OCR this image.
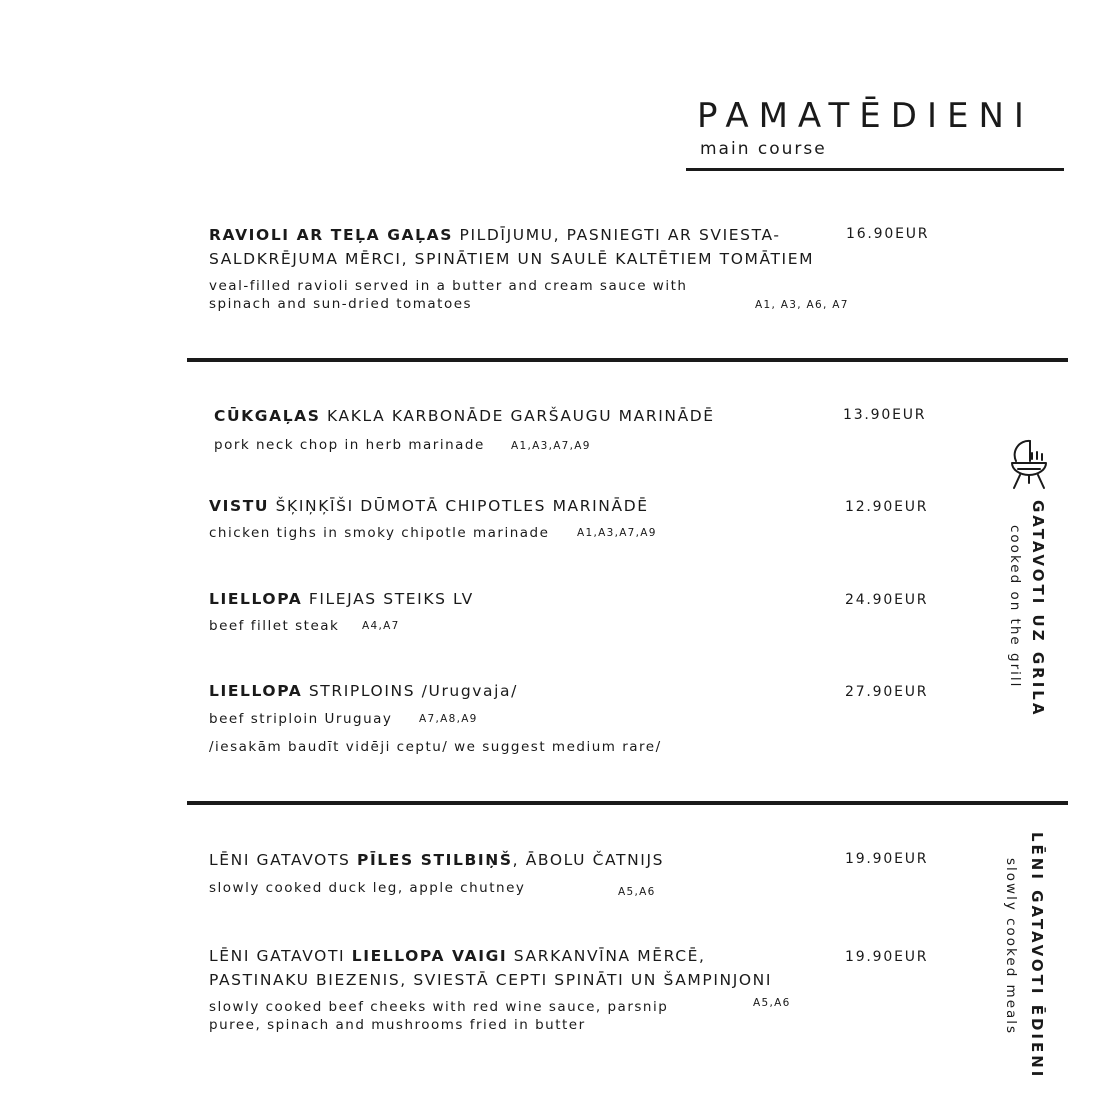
PAMATĒDIENI
main course
RAVIOLI AR TEĻA GAĻAS PILDĪJUMU, PASNIEGTI AR SVIESTA-
SALDKRĒJUMA MĒRCI, SPINĀTIEM UN SAULĒ KALTĒTIEM TOMĀTIEM
veal-filled ravioli served in a butter and cream sauce with
spinach and sun-dried tomatoes	A1, A3, A6, A7
16.90EUR
CŪKGAĻAS KAKLA KARBONĀDE GARŠAUGU MARINĀDĒ
pork neck chop in herb marinade A1,A3,A7,A9
13.90EUR
VISTU ŠĶIŅĶĪŠI DŪMOTĀ CHIPOTLES MARINĀDĒ
chicken tighs in smoky chipotle marinade	A1,A3,A7,A9
12.90EUR
LIELLOPA FILEJAS STEIKS LV
beef fillet steak A4,A7
24.90EUR
LIELLOPA STRIPLOINS /Urugvaja/
beef striploin Uruguay	A7,A8,A9
/iesakām baudīt vidēji ceptu/ we suggest medium rare/
27.90EUR	GATAVOTI UZ GRILA
cooked on the grill
LĒNI GATAVOTS PĪLES STILBIŅŠ, ĀBOLU ČATNIJS
slowly cooked duck leg, apple chutney	A5,A6
19.90EUR
LĒNI GATAVOTI LIELLOPA VAIGI SARKANVĪNA MĒRCĒ,
PASTINAKU BIEZENIS, SVIESTĀ CEPTI SPINĀTI UN ŠAMPINJONI
slowly cooked beef cheeks with red wine sauce, parsnip
puree, spinach and mushrooms fried in butter
A5,A6
19.90EUR	LĒNI GATAVOTI ĒDIENI
slowly cooked meals
